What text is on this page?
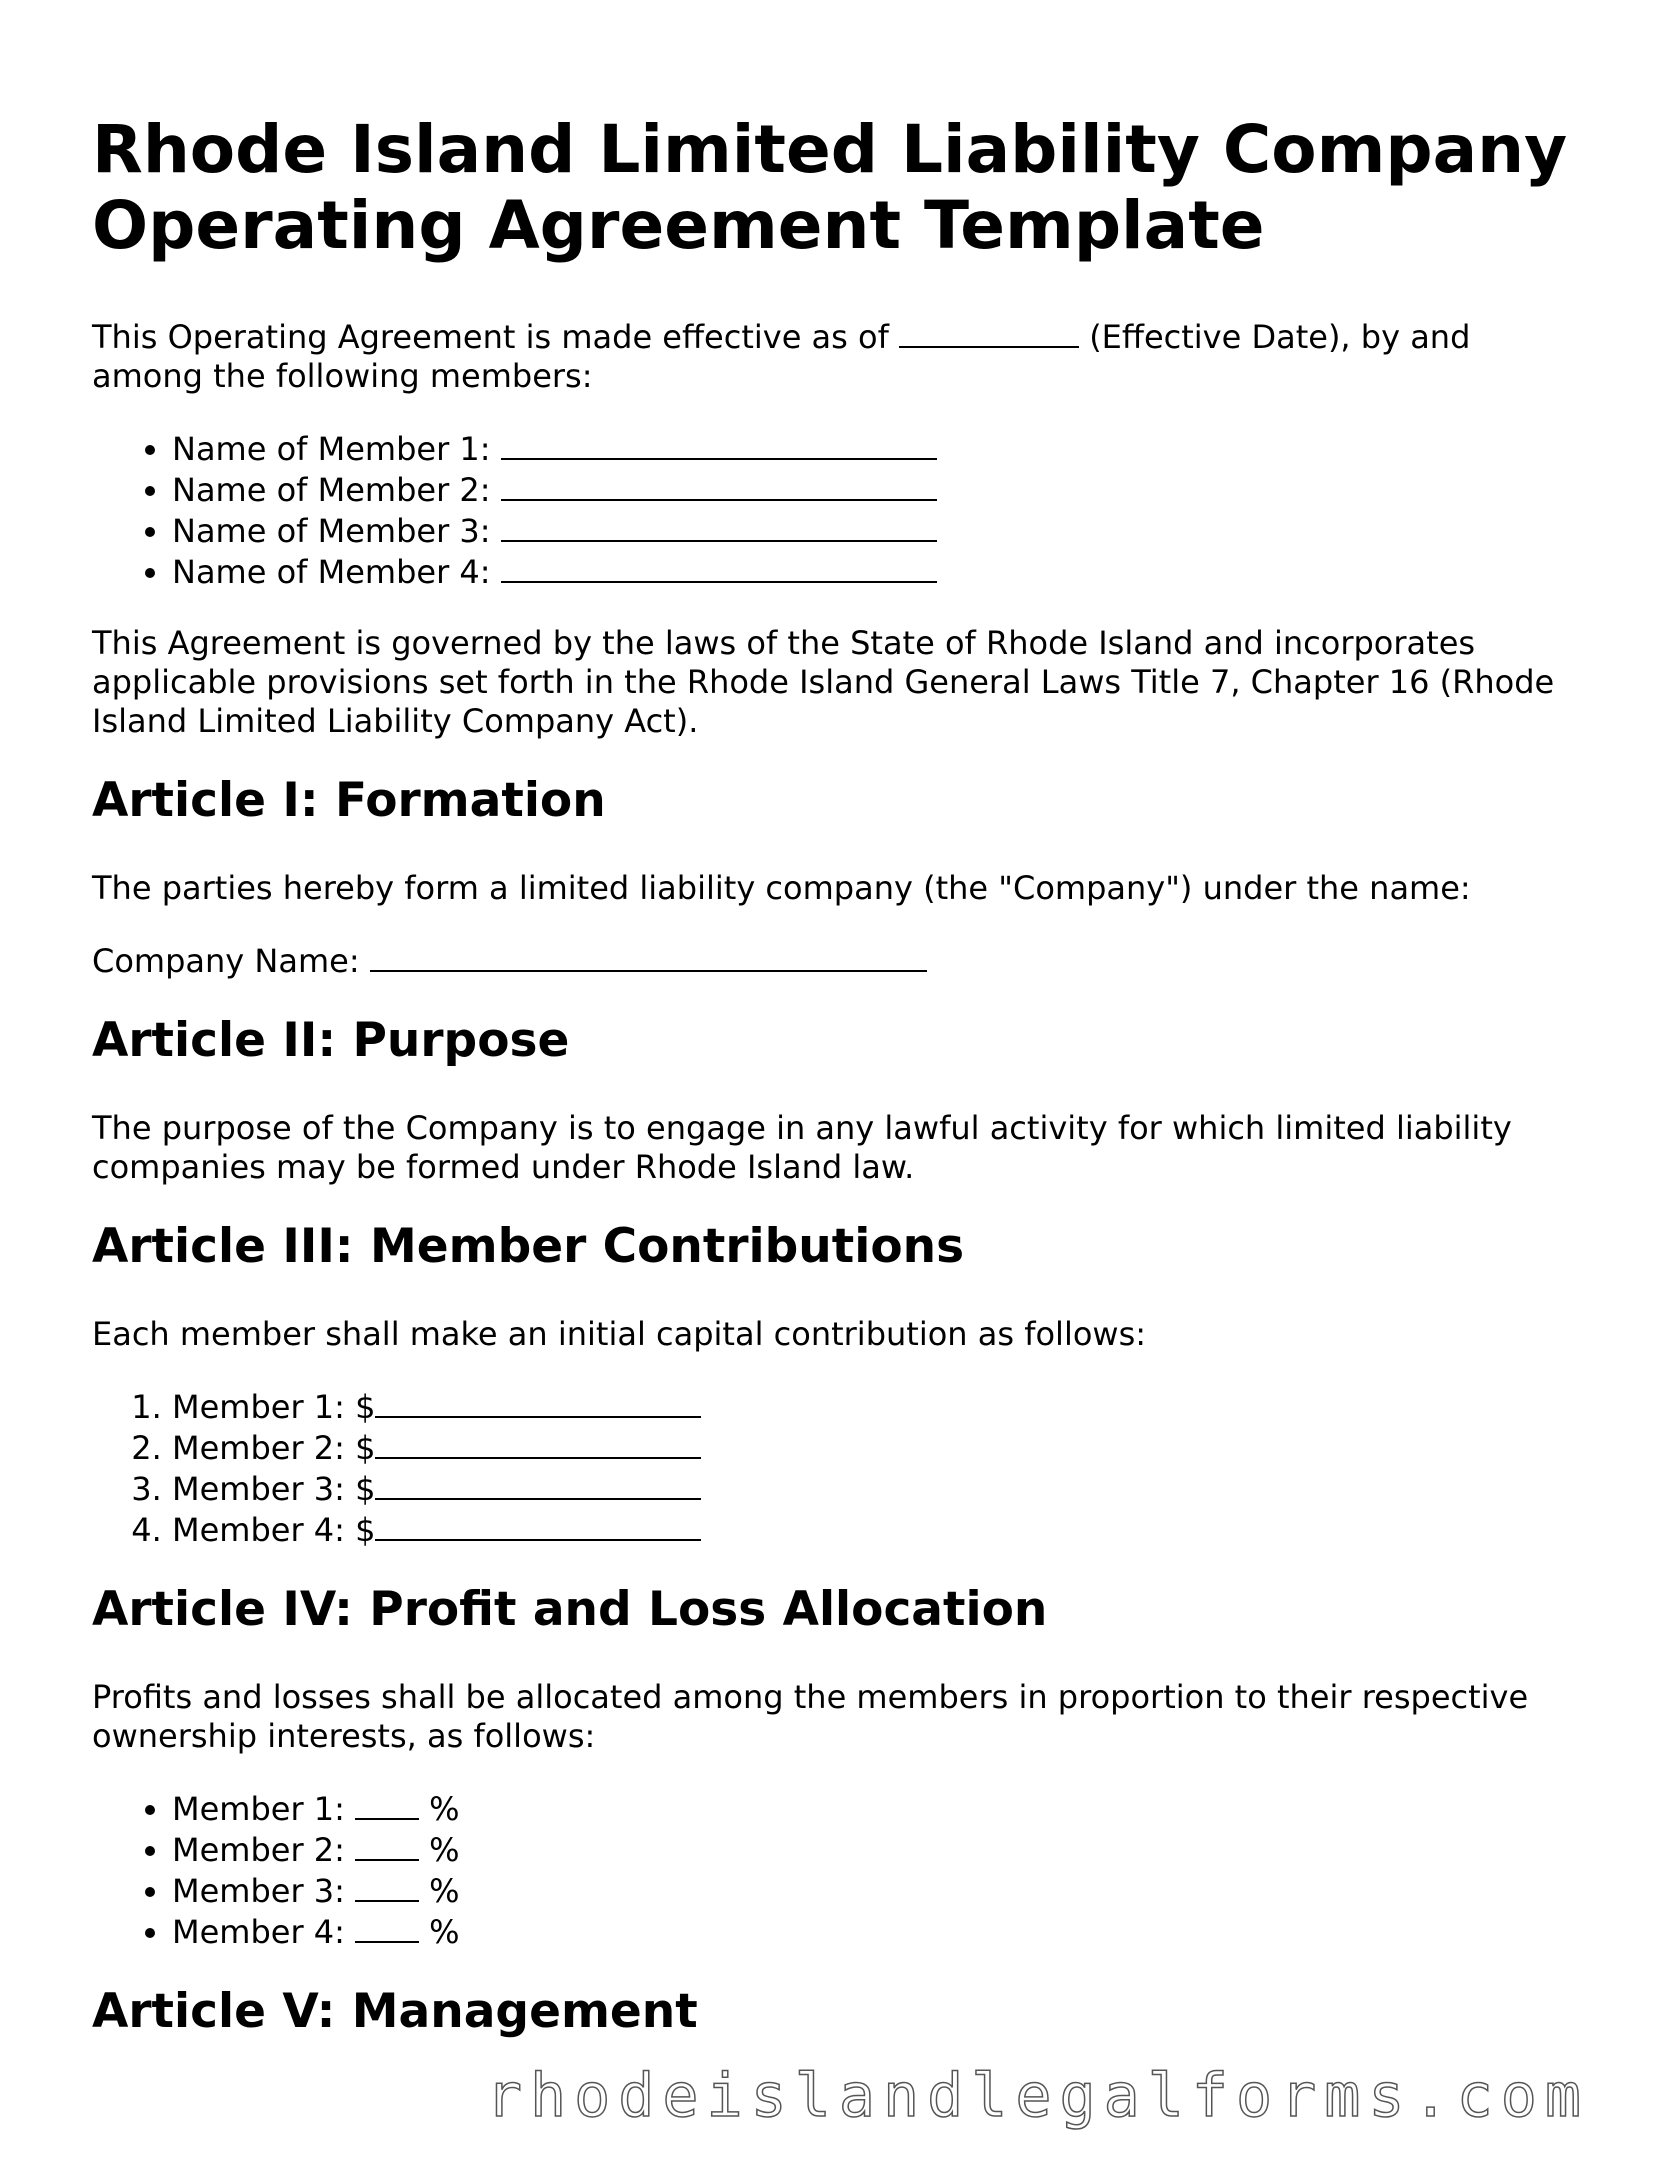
Rhode Island Limited Liability Company Operating Agreement Template

This Operating Agreement is made effective as of	(Effective Date), by and among the following members:

• Name of Member 1:
• Name of Member 2:
• Name of Member 3:
• Name of Member 4:

This Agreement is governed by the laws of the State of Rhode Island and incorporates applicable provisions set forth in the Rhode Island General Laws Title 7, Chapter 16 (Rhode Island Limited Liability Company Act).

Article I: Formation

The parties hereby form a limited liability company (the "Company") under the name:

Company Name:

Article II: Purpose

The purpose of the Company is to engage in any lawful activity for which limited liability companies may be formed under Rhode Island law.

Article III: Member Contributions

Each member shall make an initial capital contribution as follows:

1. Member 1: $
2. Member 2: $
3. Member 3: $
4. Member 4: $
Article IV: Profit and Loss Allocation

Profits and losses shall be allocated among the members in proportion to their respective ownership interests, as follows:

• Member 1:	%
• Member 2:	%
• Member 3:	%
• Member 4:	%
Article V: Management
rhodeislandlegalforms.com
